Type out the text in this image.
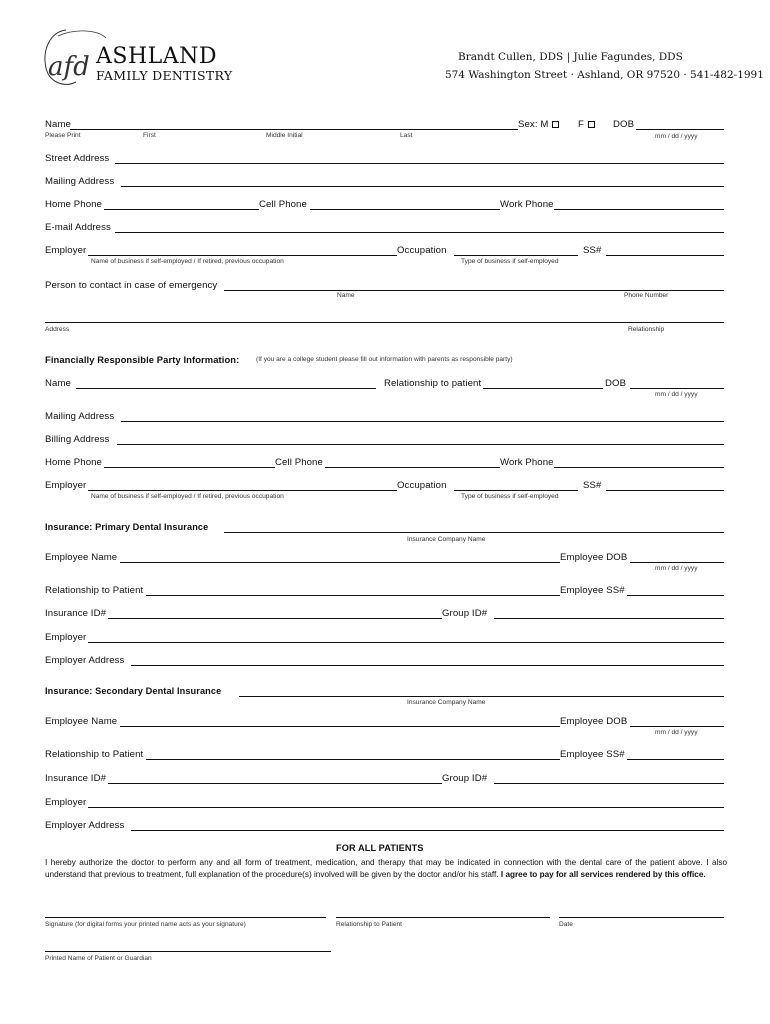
afd ASHLAND
FAMILY DENTISTRY
Brandt Cullen, DDS | Julie Fagundes, DDS
574 Washington Street · Ashland, OR 97520 · 541-482-1991
Name	Sex: M	F	DOB
Please Print	First	Middle Initial	Last	mm / dd / yyyy
Street Address
Mailing Address
Home Phone	Cell Phone	Work Phone
E-mail Address
Employer	Occupation	SS#
Name of business if self-employed / If retired, previous occupation	Type of business if self-employed
Person to contact in case of emergency
Name	Phone Number
Address	Relationship
Financially Responsible Party Information:	(If you are a college student please fill out information with parents as responsible party)
Name	Relationship to patient	DOB
mm / dd / yyyy
Mailing Address
Billing Address
Home Phone	Cell Phone	Work Phone
Employer	Occupation	SS#
Name of business if self-employed / If retired, previous occupation	Type of business if self-employed
Insurance: Primary Dental Insurance
Insurance Company Name
Employee Name	Employee DOB
mm / dd / yyyy
Relationship to Patient	Employee SS#
Insurance ID#	Group ID#
Employer
Employer Address
Insurance: Secondary Dental Insurance
Insurance Company Name
Employee Name	Employee DOB
mm / dd / yyyy
Relationship to Patient	Employee SS#
Insurance ID#	Group ID#
Employer
Employer Address
FOR ALL PATIENTS
I hereby authorize the doctor to perform any and all form of treatment, medication, and therapy that may be indicated in connection with the dental care of the patient above. I also understand that previous to treatment, full explanation of the procedure(s) involved will be given by the doctor and/or his staff. I agree to pay for all services rendered by this office.
Signature (for digital forms your printed name acts as your signature)	Relationship to Patient	Date
Printed Name of Patient or Guardian
